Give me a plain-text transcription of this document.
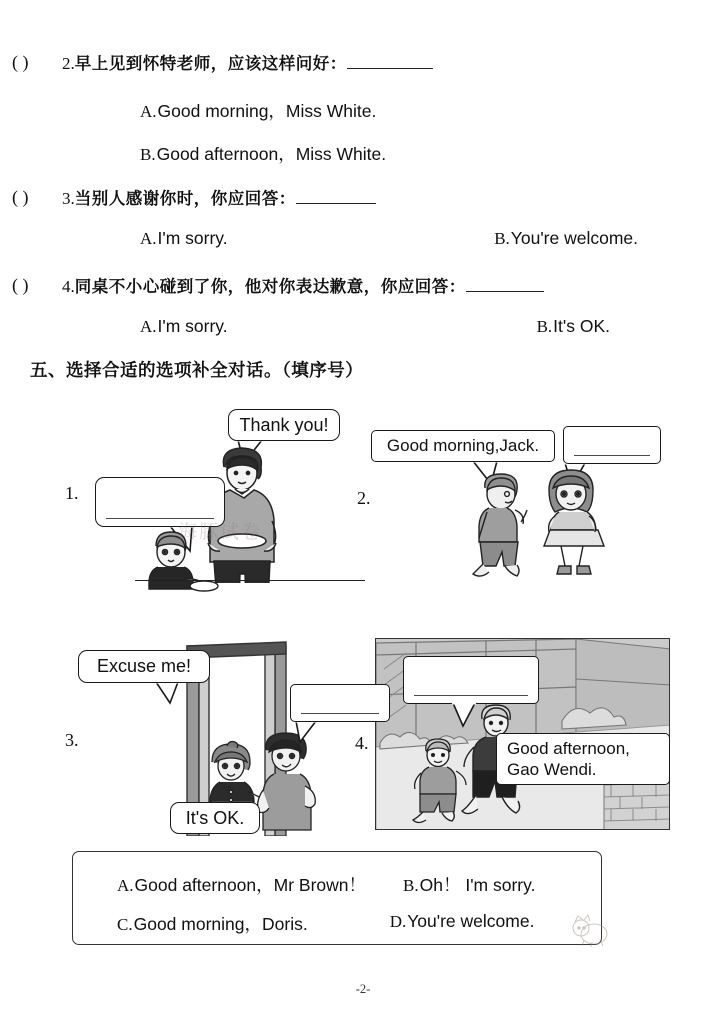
( )	2. 早上见到怀特老师，应该这样问好：
A. Good morning，Miss White.
B. Good afternoon，Miss White.
( )	3. 当别人感谢你时，你应回答：
A. I'm sorry.	B. You're welcome.
( )	4. 同桌不小心碰到了你，他对你表达歉意，你应回答：
A. I'm sorry.	B. It's OK.
五、选择合适的选项补全对话。（填序号）
1.
Thank you!
海豚试卷
2.
Good morning,Jack.
3.
Excuse me!
It's OK.
4.	Good afternoon,
Gao Wendi.
A. Good afternoon，Mr Brown！ B. Oh！ I'm sorry.
C. Good morning，Doris.	D. You're welcome.
-2-
